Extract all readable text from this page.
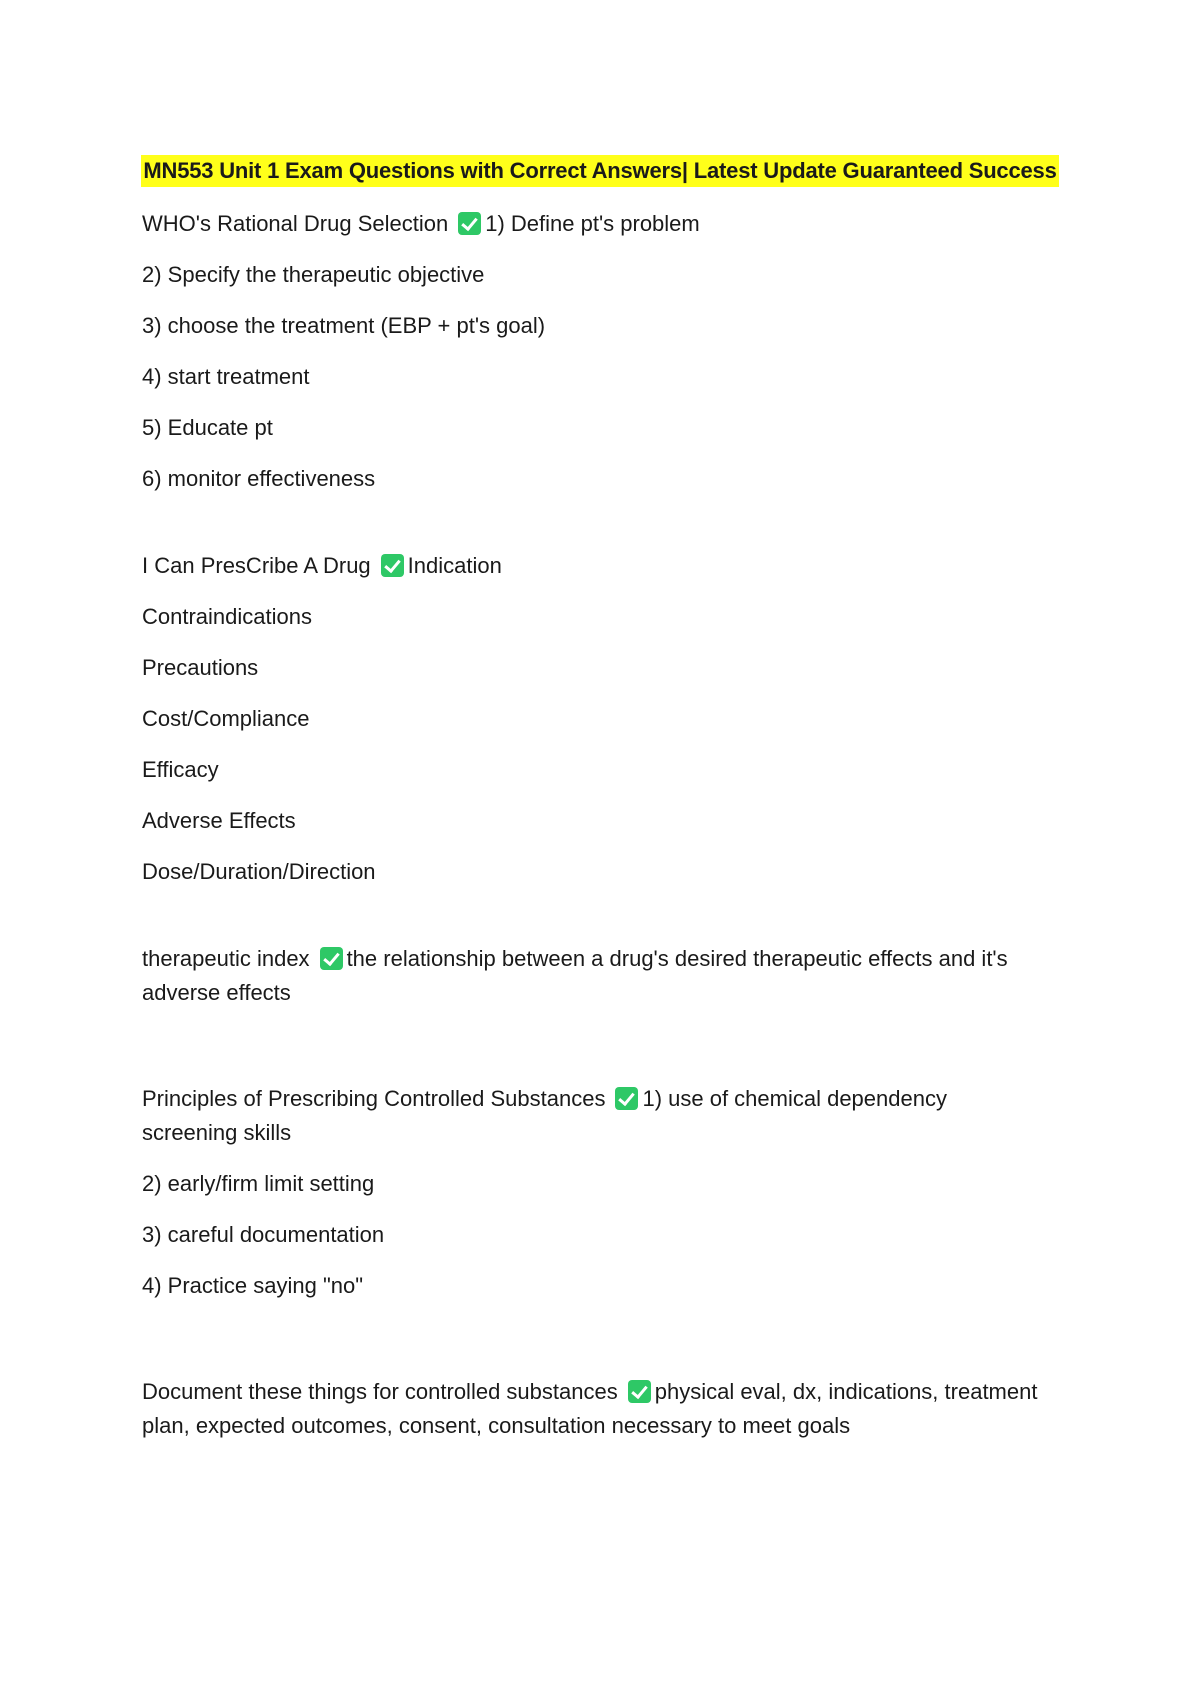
MN553 Unit 1 Exam Questions with Correct Answers| Latest Update Guaranteed Success
WHO's Rational Drug Selection 1) Define pt's problem
2) Specify the therapeutic objective
3) choose the treatment (EBP + pt's goal)
4) start treatment
5) Educate pt
6) monitor effectiveness
I Can PresCribe A Drug Indication
Contraindications
Precautions
Cost/Compliance
Efficacy
Adverse Effects
Dose/Duration/Direction
therapeutic index the relationship between a drug's desired therapeutic effects and it's adverse effects
Principles of Prescribing Controlled Substances 1) use of chemical dependency screening skills
2) early/firm limit setting
3) careful documentation
4) Practice saying "no"
Document these things for controlled substances physical eval, dx, indications, treatment plan, expected outcomes, consent, consultation necessary to meet goals
